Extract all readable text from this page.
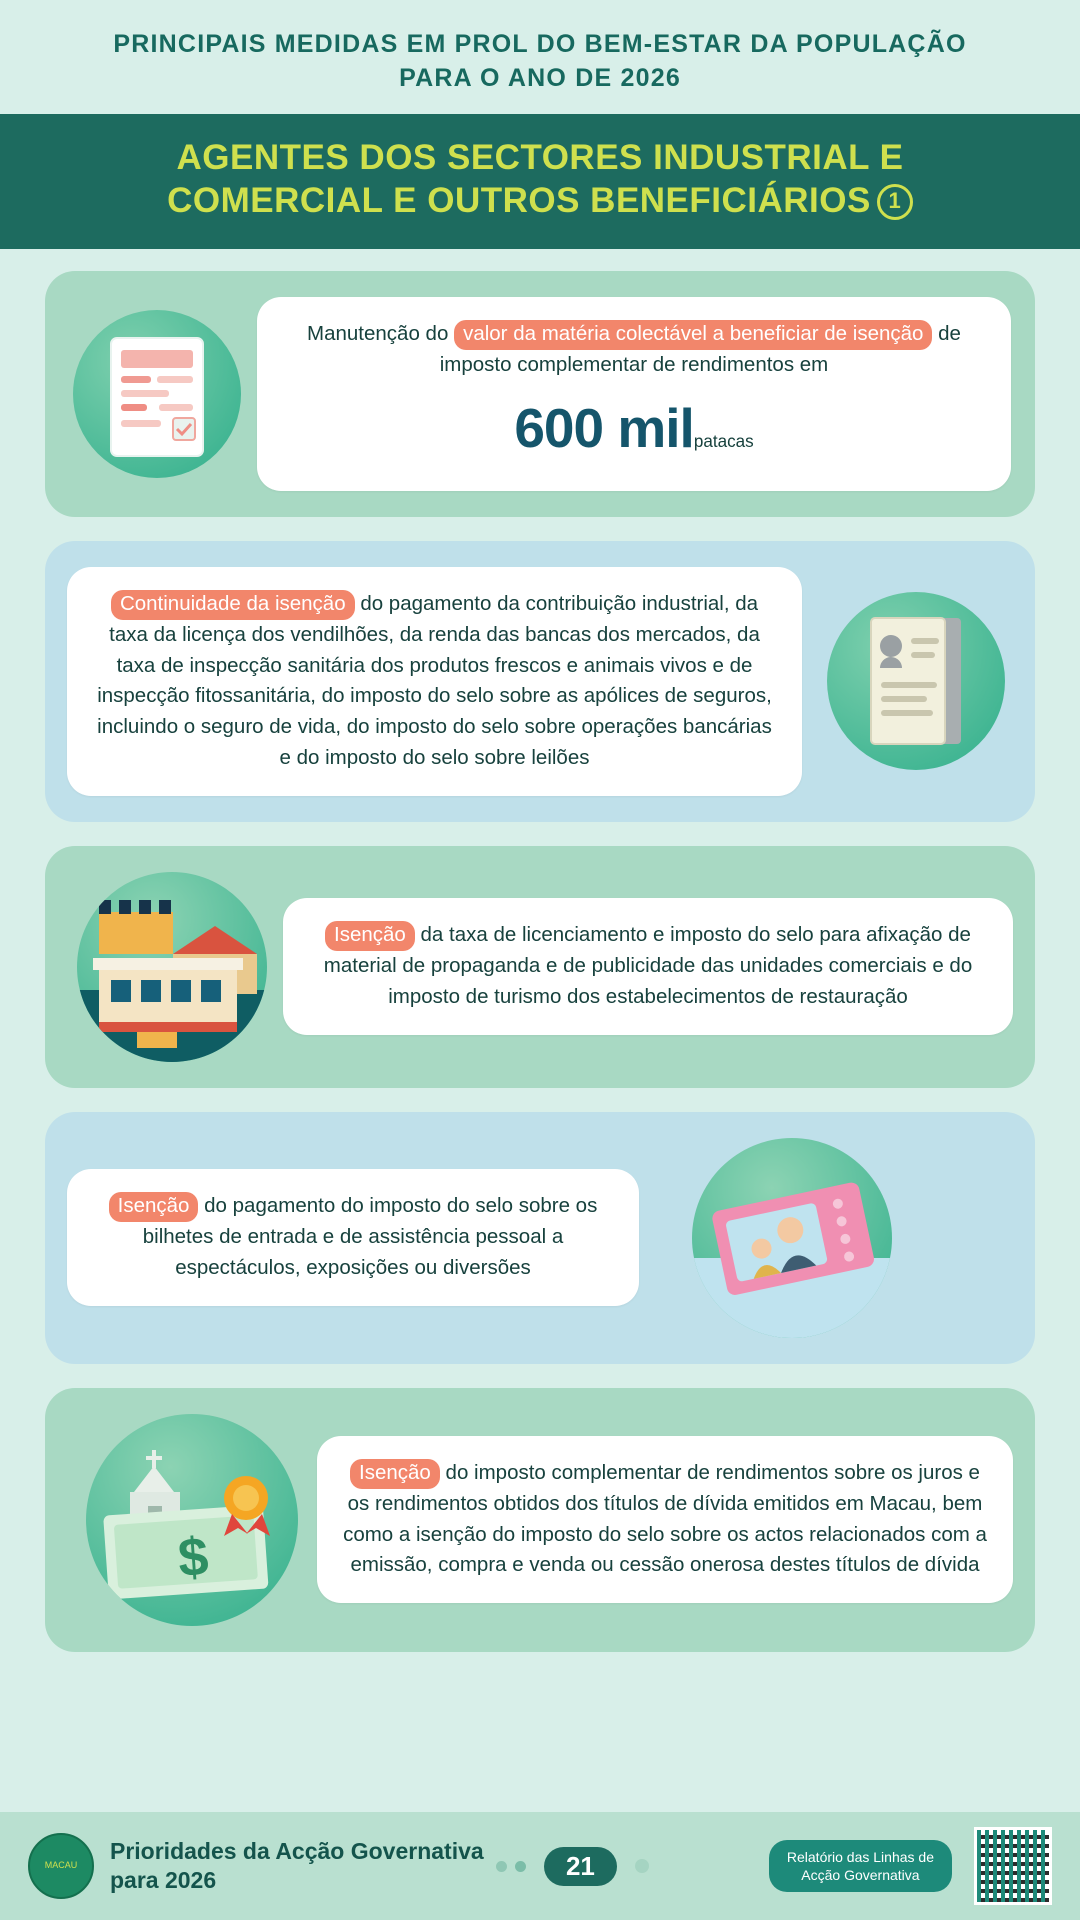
PRINCIPAIS MEDIDAS EM PROL DO BEM-ESTAR DA POPULAÇÃO
PARA O ANO DE 2026
AGENTES DOS SECTORES INDUSTRIAL E
COMERCIAL E OUTROS BENEFICIÁRIOS 1
Manutenção do valor da matéria colectável a beneficiar de isenção de imposto complementar de rendimentos em
600 milpatacas
Continuidade da isenção do pagamento da contribuição industrial, da taxa da licença dos vendilhões, da renda das bancas dos mercados, da taxa de inspecção sanitária dos produtos frescos e animais vivos e de inspecção fitossanitária, do imposto do selo sobre as apólices de seguros, incluindo o seguro de vida, do imposto do selo sobre operações bancárias e do imposto do selo sobre leilões
Isenção da taxa de licenciamento e imposto do selo para afixação de material de propaganda e de publicidade das unidades comerciais e do imposto de turismo dos estabelecimentos de restauração
Isenção do pagamento do imposto do selo sobre os bilhetes de entrada e de assistência pessoal a espectáculos, exposições ou diversões
$
Isenção do imposto complementar de rendimentos sobre os juros e os rendimentos obtidos dos títulos de dívida emitidos em Macau, bem como a isenção do imposto do selo sobre os actos relacionados com a emissão, compra e venda ou cessão onerosa destes títulos de dívida
MACAU
Prioridades da Acção Governativa
para 2026	21	Relatório das Linhas de
Acção Governativa
